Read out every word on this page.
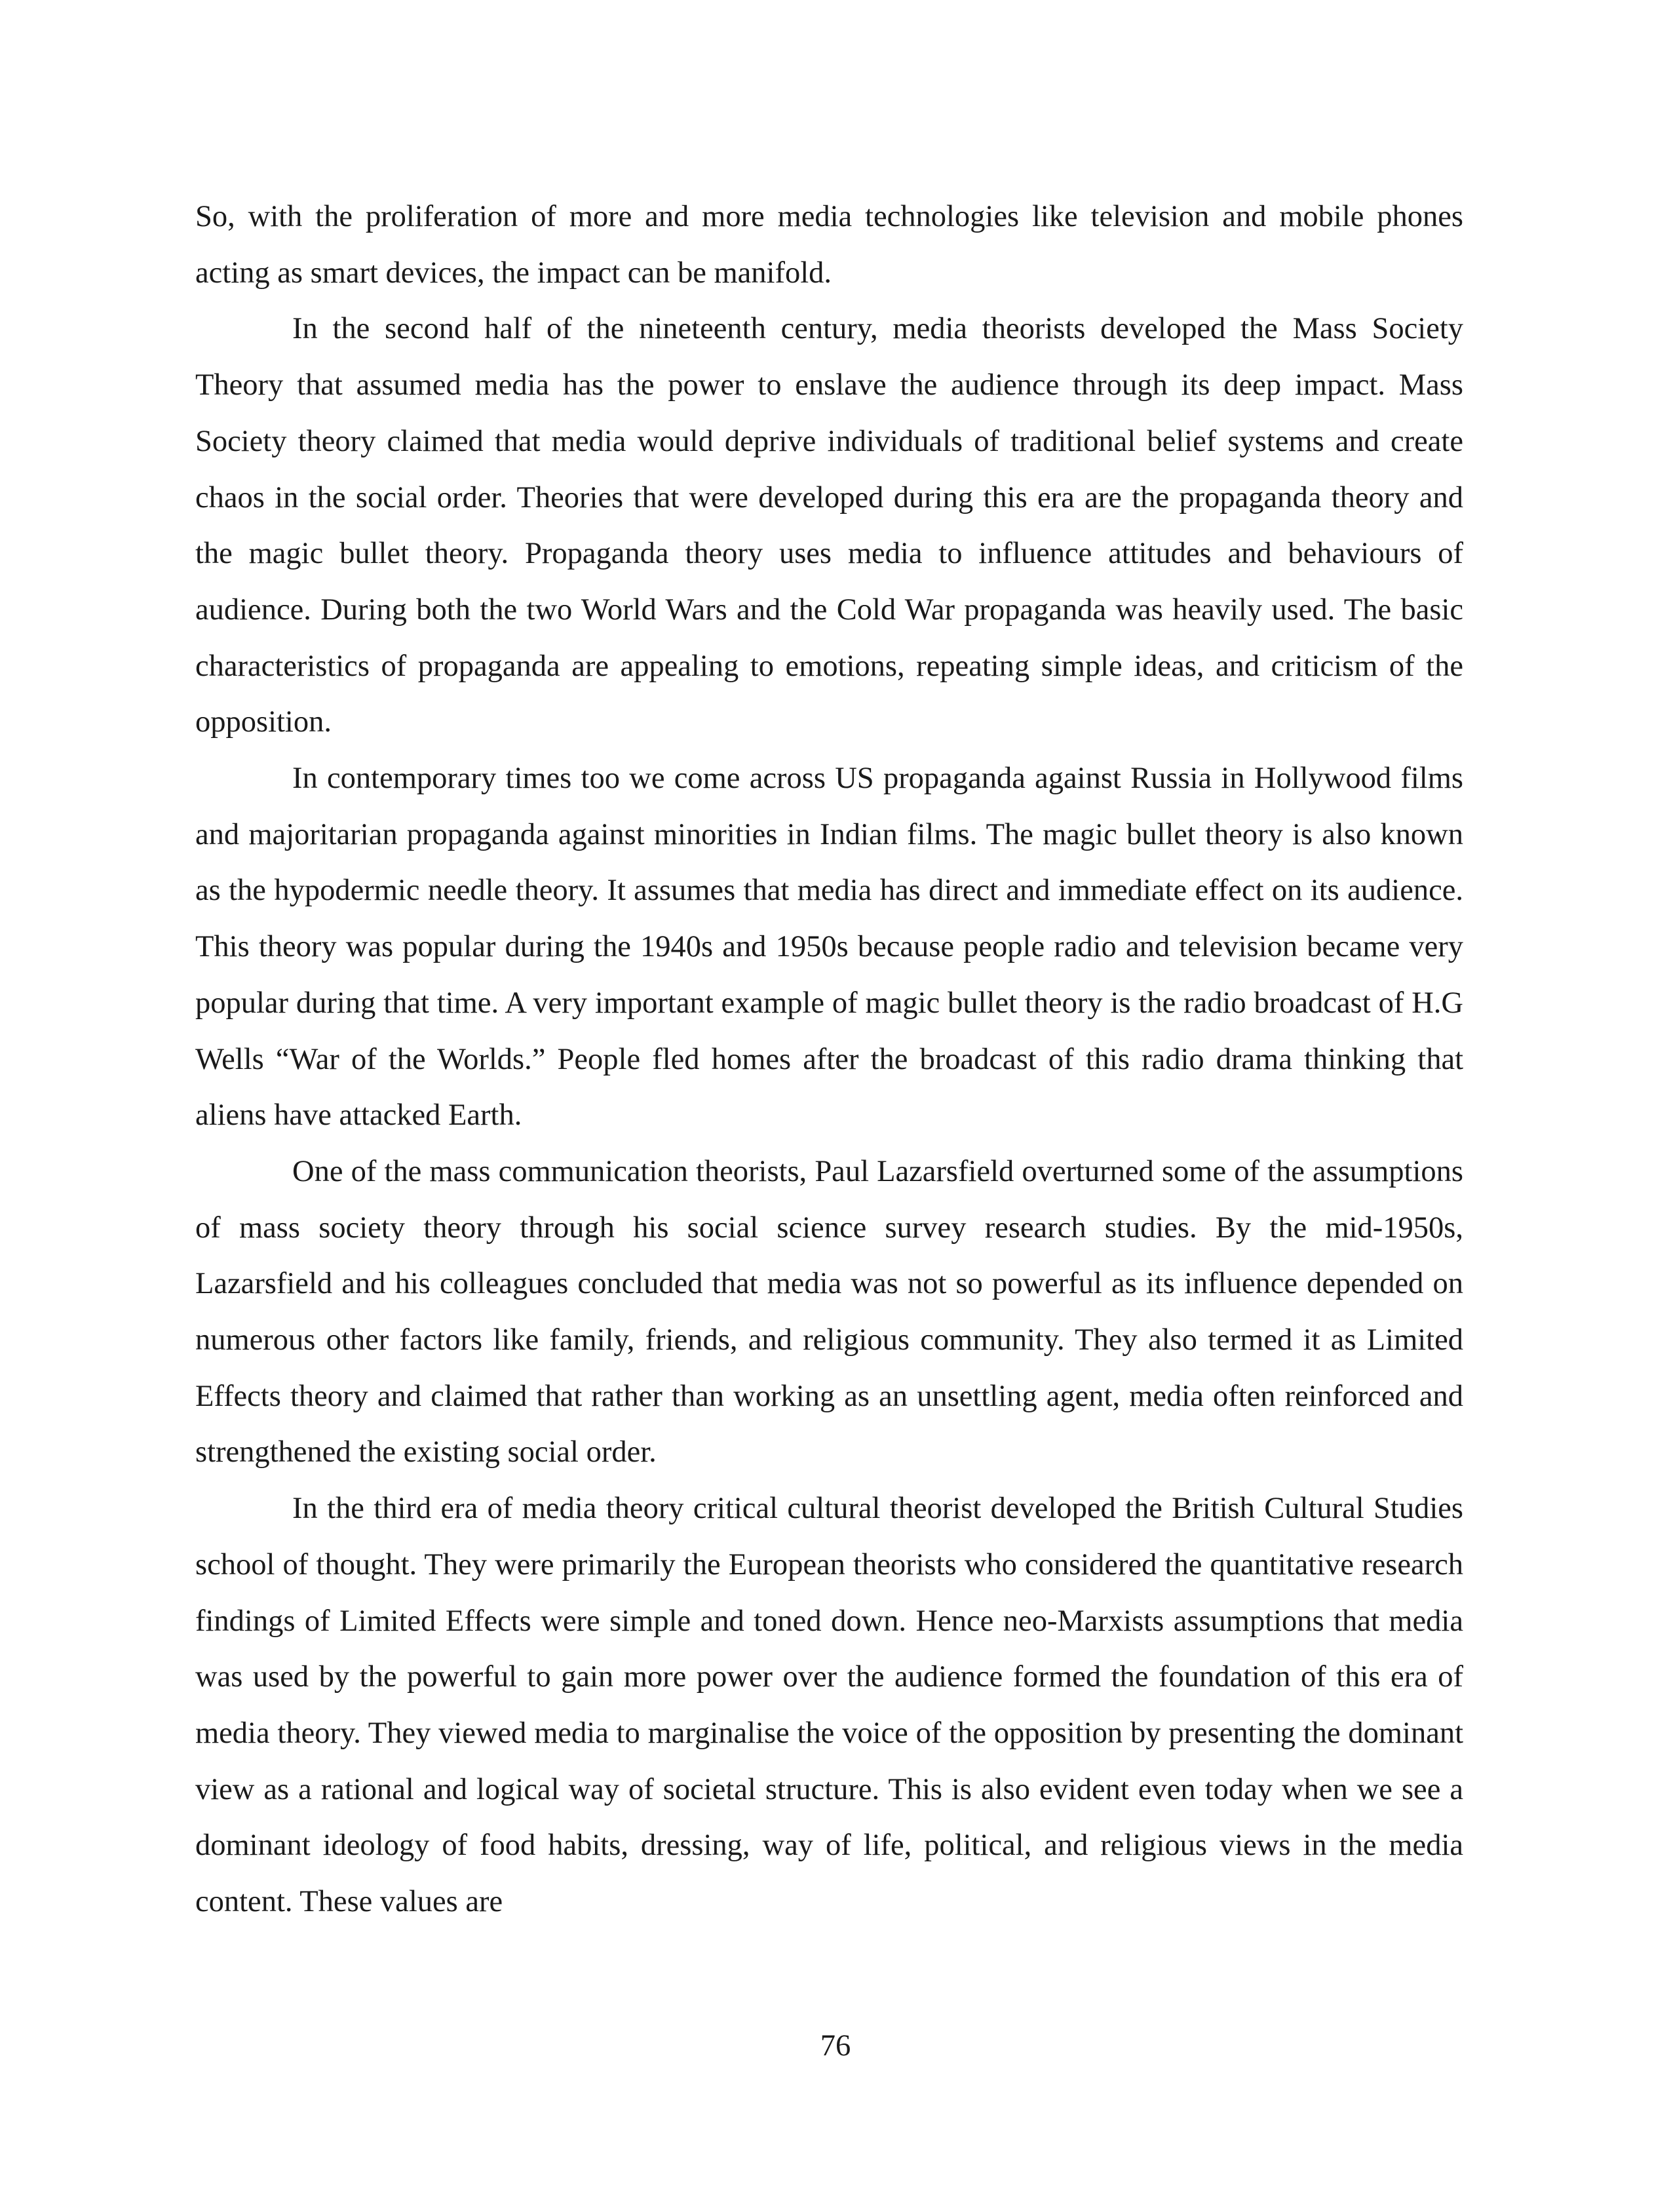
So, with the proliferation of more and more media technologies like television and mobile phones acting as smart devices, the impact can be manifold.

In the second half of the nineteenth century, media theorists developed the Mass Society Theory that assumed media has the power to enslave the audience through its deep impact. Mass Society theory claimed that media would deprive individuals of traditional belief systems and create chaos in the social order. Theories that were developed during this era are the propaganda theory and the magic bullet theory. Propaganda theory uses media to influence attitudes and behaviours of audience. During both the two World Wars and the Cold War propaganda was heavily used. The basic characteristics of propaganda are appealing to emotions, repeating simple ideas, and criticism of the opposition.

In contemporary times too we come across US propaganda against Russia in Hollywood films and majoritarian propaganda against minorities in Indian films. The magic bullet theory is also known as the hypodermic needle theory. It assumes that media has direct and immediate effect on its audience. This theory was popular during the 1940s and 1950s because people radio and television became very popular during that time. A very important example of magic bullet theory is the radio broadcast of H.G Wells “War of the Worlds.” People fled homes after the broadcast of this radio drama thinking that aliens have attacked Earth.

One of the mass communication theorists, Paul Lazarsfield overturned some of the assumptions of mass society theory through his social science survey research studies. By the mid-1950s, Lazarsfield and his colleagues concluded that media was not so powerful as its influence depended on numerous other factors like family, friends, and religious community. They also termed it as Limited Effects theory and claimed that rather than working as an unsettling agent, media often reinforced and strengthened the existing social order.

In the third era of media theory critical cultural theorist developed the British Cultural Studies school of thought. They were primarily the European theorists who considered the quantitative research findings of Limited Effects were simple and toned down. Hence neo-Marxists assumptions that media was used by the powerful to gain more power over the audience formed the foundation of this era of media theory. They viewed media to marginalise the voice of the opposition by presenting the dominant view as a rational and logical way of societal structure. This is also evident even today when we see a dominant ideology of food habits, dressing, way of life, political, and religious views in the media content. These values are

76
